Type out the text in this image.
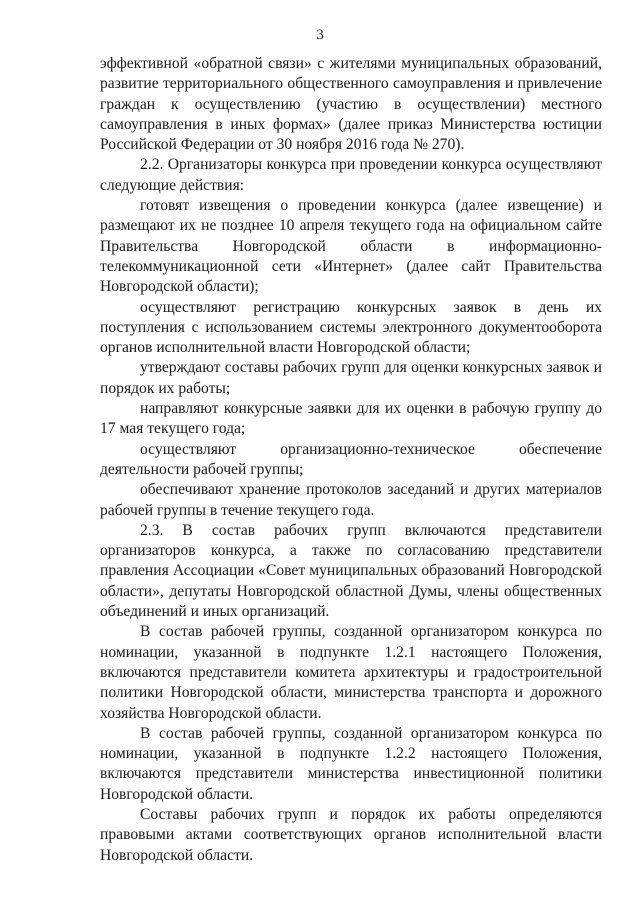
3

эффективной «обратной связи» с жителями муниципальных образований, развитие территориального общественного самоуправления и привлечение граждан к осуществлению (участию в осуществлении) местного самоуправления в иных формах» (далее приказ Министерства юстиции Российской Федерации от 30 ноября 2016 года № 270).

2.2. Организаторы конкурса при проведении конкурса осуществляют следующие действия:

готовят извещения о проведении конкурса (далее извещение) и размещают их не позднее 10 апреля текущего года на официальном сайте Правительства Новгородской области в информационно-телекоммуникационной сети «Интернет» (далее сайт Правительства Новгородской области);

осуществляют регистрацию конкурсных заявок в день их поступления с использованием системы электронного документооборота органов исполнительной власти Новгородской области;

утверждают составы рабочих групп для оценки конкурсных заявок и порядок их работы;

направляют конкурсные заявки для их оценки в рабочую группу до 17 мая текущего года;

осуществляют организационно-техническое обеспечение деятельности рабочей группы;

обеспечивают хранение протоколов заседаний и других материалов рабочей группы в течение текущего года.

2.3. В состав рабочих групп включаются представители организаторов конкурса, а также по согласованию представители правления Ассоциации «Совет муниципальных образований Новгородской области», депутаты Новгородской областной Думы, члены общественных объединений и иных организаций.

В состав рабочей группы, созданной организатором конкурса по номинации, указанной в подпункте 1.2.1 настоящего Положения, включаются представители комитета архитектуры и градостроительной политики Новгородской области, министерства транспорта и дорожного хозяйства Новгородской области.

В состав рабочей группы, созданной организатором конкурса по номинации, указанной в подпункте 1.2.2 настоящего Положения, включаются представители министерства инвестиционной политики Новгородской области.

Составы рабочих групп и порядок их работы определяются правовыми актами соответствующих органов исполнительной власти Новгородской области.
